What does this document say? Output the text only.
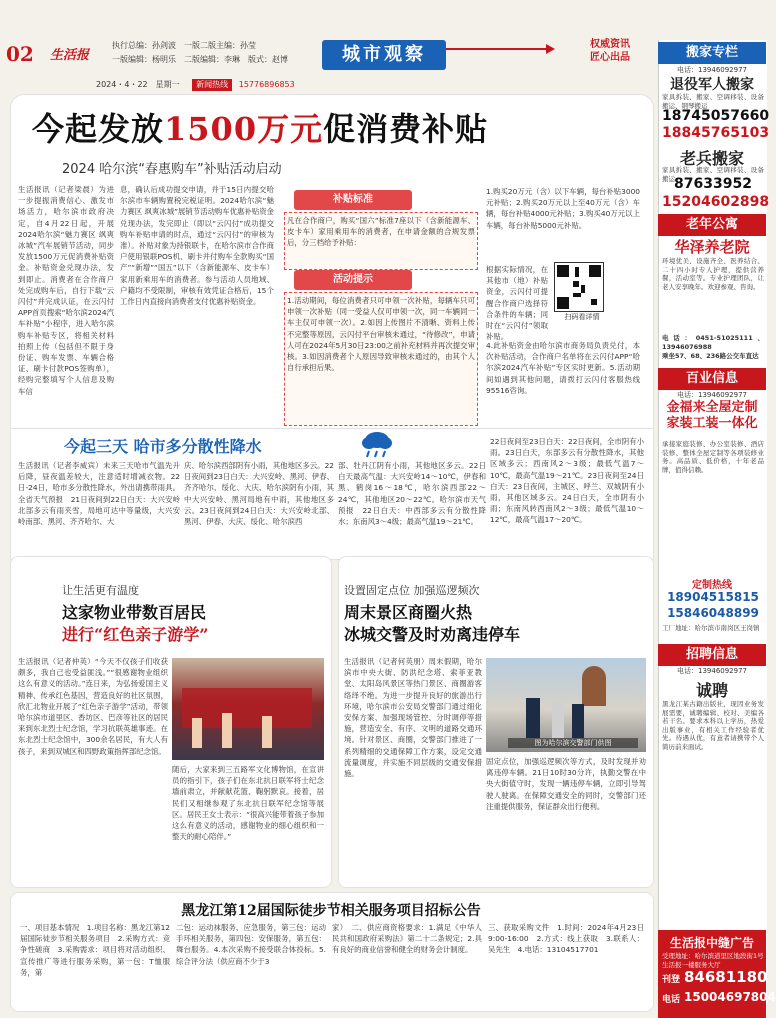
02 生活报
执行总编：孙剑波　一版二版主编：孙莹
一版编辑：杨明乐　二版编辑：李琳　版式：赵博	城市观察	权威资讯
匠心出品
2024・4・22　星期一 新闻热线 15776896853
今起发放1500万元促消费补贴
2024 哈尔滨“春惠购车”补贴活动启动
生活报讯（记者梁晨）为进一步提振消费信心、激发市场活力，哈尔滨市政府决定，自4月22日起，开展2024哈尔滨“魅力赛区 飒爽冰城”汽车展销节活动，同步发放1500万元促消费补贴资金。补贴资金兑现办法，发到即止。消费者在合作商户处完成购车后，自行下载“云闪付”并完成认证，在云闪付APP首页搜索“哈尔滨2024汽车补贴”小程序，进入哈尔滨购车补贴专区，将相关材料拍照上传（包括但不限于身份证、购车发票、车辆合格证、刷卡付款POS签购单），经购完整填写个人信息及购车信
息，确认后成功提交申请，并于15日内提交哈尔滨市车辆购置税完税证明。2024哈尔滨“魅力赛区 飒爽冰城”展销节活动购车优惠补贴资金兑现办法，发完即止（即以“云闪付”成功提交购车补贴申请的时点，通过“云闪付”的审核为准）。补贴对象为持银联卡，在哈尔滨市合作商户使用银联POS机、刷卡并付购车全款购买“国产”“新增”“国五”以下（含新能源车、皮卡车）家用新乘用车的消费者。参与活动人员地域、户籍均不受限制，审核有效凭证合格后，15个工作日内直接向消费者支付优惠补贴资金。
补贴标准
凡在合作商户，购买“国六”标准7座以下（含新能源车、皮卡车）家用乘用车的消费者，在申请金额的合规发票后，分三档给予补贴：
活动提示
1.活动期间，每位消费者只可申领一次补贴，每辆车只可申领一次补贴（同一受益人仅可申领一次，同一车辆同一车主仅可申领一次）。2.如因上传图片不清晰、资料上传不完整等原因，云闪付平台审核未通过，“待修改”，申请人可在2024年5月30日23:00之前补充材料并再次提交审核。3.如因消费者个人原因导致审核未通过的，由其个人自行承担后果。
1.购买20万元（含）以下车辆，每台补贴3000元补贴；2.购买20万元以上至40万元（含）车辆，每台补贴4000元补贴；3.购买40万元以上车辆，每台补贴5000元补贴。
根据实际情况，在其他市（地）补贴资金，云闪付可提醒合作商户选择符合条件的车辆；同时在“云闪付”领取补贴。
扫码看详情
4.此补贴资金由哈尔滨市商务局负责兑付，本次补贴活动，合作商户名单将在云闪付APP“哈尔滨2024汽车补贴”专区实时更新。5.活动期间如遇到其他问题，请拨打云闪付客服热线95516咨询。
今起三天 哈市多分散性降水
生活报讯（记者李威宾）未来三天哈市气温先升后降，昼夜温差较大，注意适时增减衣物。22日-24日，哈市多分散性降水，外出请携带雨具。全省天气预报　21日夜间到22日白天：大兴安岭北部多云有雨夹雪，局地可达中等量级，大兴安岭南部、黑河、齐齐哈尔、大
庆、哈尔滨西部阴有小雨，其他地区多云。22日夜间到23日白天：大兴安岭、黑河、伊春、齐齐哈尔、绥化、大庆、哈尔滨阴有小雨，其中大兴安岭、黑河局地有中雨，其他地区多云。23日夜间到24日白天：大兴安岭北部、黑河、伊春、大庆、绥化、哈尔滨西
部、牡丹江阴有小雨，其他地区多云。22日白天最高气温：大兴安岭14～10℃，伊春和黑、鹤岗16～18℃，哈尔滨西部22～24℃，其他地区20～22℃。哈尔滨市天气预报　22日白天：中西部多云有分散性降水；东南风3～4级；最高气温19～21℃。
22日夜间至23日白天：22日夜间，全市阴有小雨。23日白天，东部多云有分散性降水，其他区域多云；西南风2～3级；最低气温7～10℃，最高气温19～21℃。23日夜间至24日白天：23日夜间，主城区、呼兰、双城阴有小雨，其他区域多云。24日白天，全市阴有小雨；东南风转西南风2～3级；最低气温10～12℃，最高气温17～20℃。
让生活更有温度
这家物业带数百居民
进行“红色亲子游学”
生活报讯（记者仲英）“今天不仅孩子们收获颇多，我自己也受益匪浅。”“很感谢物业组织这么有意义的活动。”连日来，为弘扬爱国主义精神、传承红色基因，营造良好的社区氛围，欣汇北物业开展了“红色亲子游学”活动，带领哈尔滨市道里区、香坊区、巴彦等社区的居民来到东北烈士纪念馆，学习抗联英雄事迹。在东北烈士纪念馆中，300余名居民，有大人有孩子，来到双城区和四野政策指挥部纪念馆。
随后，大家来到三五路军文化博物馆，在宣讲员的指引下，孩子们在东北抗日联军将士纪念墙前肃立，并献献花篮、鞠躬默哀。接着，居民们又相继参观了东北抗日联军纪念馆等展区。居民王女士表示：“很高兴能带着孩子参加这么有意义的活动，感谢物业的细心组织和一整天的耐心陪伴。”
设置固定点位 加强巡逻频次
周末景区商圈火热
冰城交警及时劝离违停车
生活报讯（记者何英朋）周末假期，哈尔滨市中央大街、防洪纪念塔、索菲亚教堂、太阳岛风景区等热门景区、商圈游客络绎不绝。为进一步提升良好的旅游出行环境，哈尔滨市公安局交警部门通过细化安保方案、加强现场管控、分时调停等措施，营造安全、有序、文明的道路交通环境。针对景区、商圈，交警部门推进了一系列精细的交通保障工作方案，设定交通流量调度，并实施不同层级的交通安保措施。
图为哈尔滨交警部门供图
固定点位，加强巡逻频次等方式，及时发现并劝离违停车辆。21日10时30分许，执勤交警在中央大街值守时，发现一辆违停车辆，立即引导驾驶人驶离。在保障交通安全的同时，交警部门还注重提供服务，保证群众出行便利。
黑龙江第12届国际徒步节相关服务项目招标公告
一、项目基本情况　1.项目名称：黑龙江第12届国际徒步节相关服务项目　2.采购方式：竞争性磋商　3.采购需求：项目将对活动组织、宣传推广等进行服务采购，第一包：T恤服务，第
二包：运动袜服务、应急服务，第三包：运动手环相关服务，第四包：安保服务，第五包：舞台服务。4.本次采购不接受联合体投标。5.综合评分法（供应商不少于3
家）　二、供应商资格要求：1.满足《中华人民共和国政府采购法》第二十二条规定；2.具有良好的商业信誉和健全的财务会计制度。
三、获取采购文件　1.时间：2024年4月23日9:00-16:00　2.方式：线上获取　3.联系人：吴先生　4.电话：13104517701
搬家专栏
电话：13946092977
退役军人搬家
家具拆装、搬家、空调移装、设备搬运、钢琴搬运
18745057660
18845765103
老兵搬家
家具拆装、搬家、空调移装、设备搬运 87633952
15204602898
老年公寓
华泽养老院
环境优美、设施齐全、医养结合、二十四小时专人护理，提供营养餐，活动室等。专业护理团队，让老人安享晚年。欢迎参观、咨询。
电话：0451-51025111、13946076988
乘坐57、68、236路公交车直达
百业信息
电话：13946092977
金福来全屋定制 家装工装一体化
承接家庭装修、办公室装修、酒店装修、整体全屋定制等各项装修业务。高品质、低价格，十年老品牌，值得信赖。
定制热线
18904515815
15846048899
工厂地址：哈尔滨市南岗区王岗镇
招聘信息
电话：13946092977
诚聘
黑龙江某古籍出版社，现因业务发展需要，诚聘编辑、校对、美编各若干名。要求本科以上学历，热爱出版事业，有相关工作经验者优先。待遇从优，有意者请携带个人简历前来面试。
生活报中缝广告
受理地址：哈尔滨道里区地段街1号生活报一楼服务大厅
刊登 84681180
电话 15004697804
